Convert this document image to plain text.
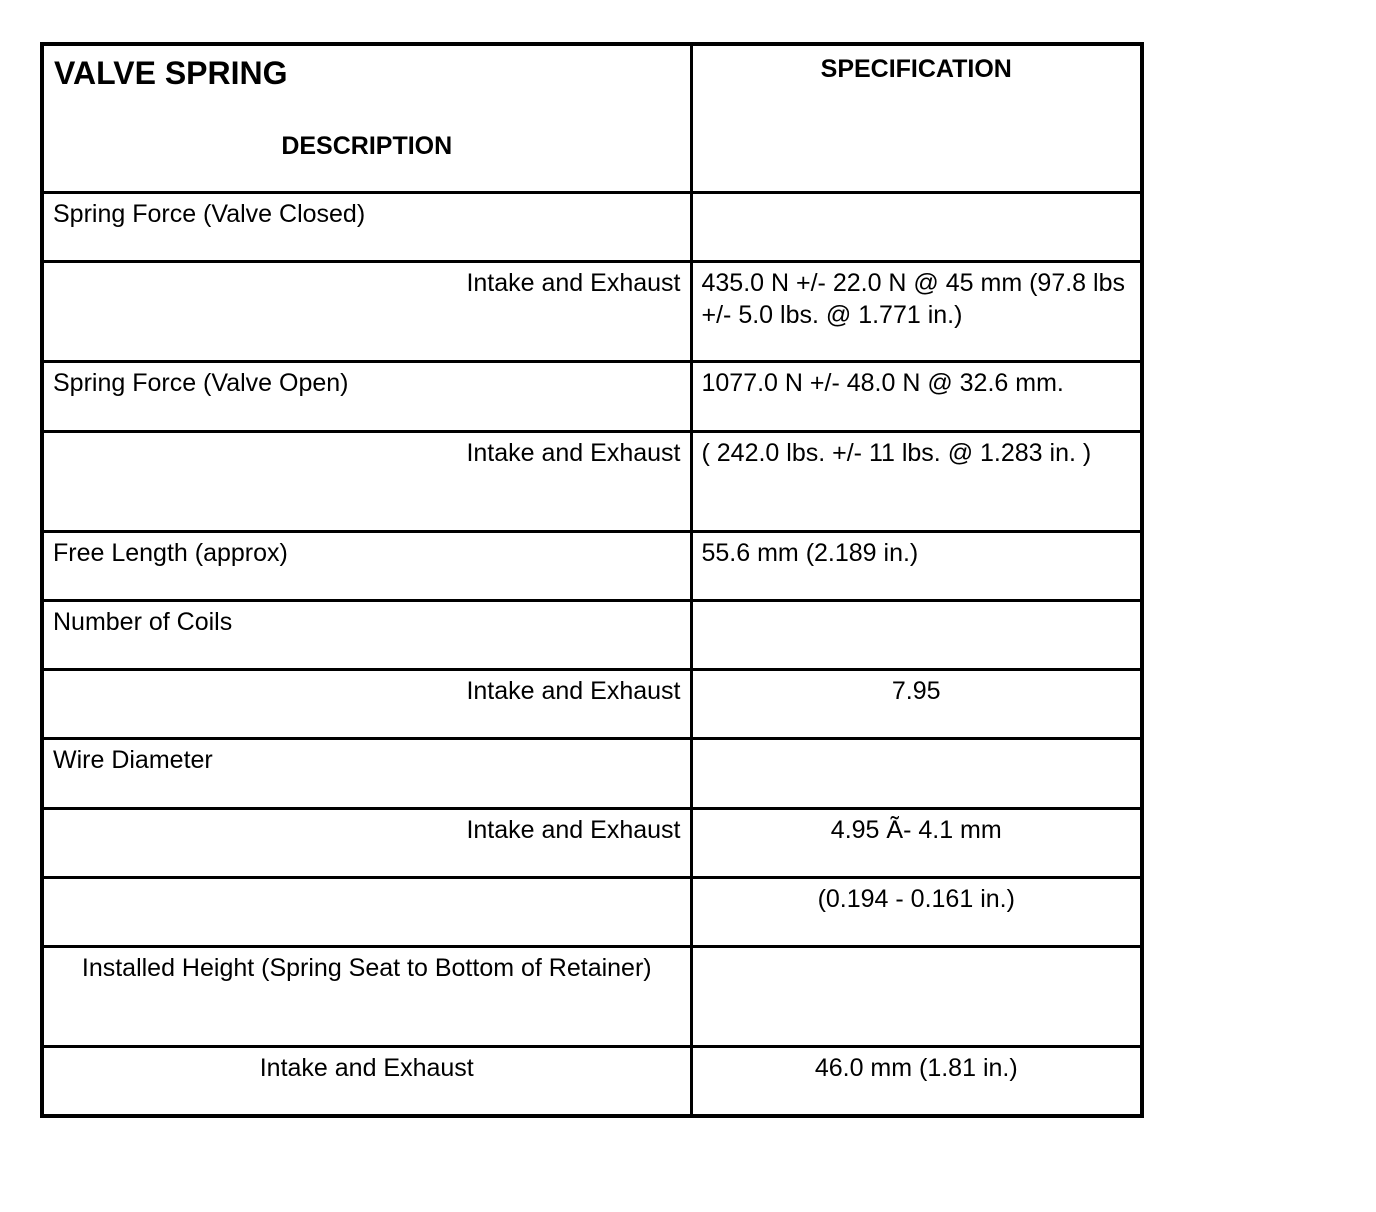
VALVE SPRING
DESCRIPTION	SPECIFICATION
Spring Force (Valve Closed)	
Intake and Exhaust	435.0 N +/- 22.0 N @ 45 mm (97.8 lbs +/- 5.0 lbs. @ 1.771 in.)
Spring Force (Valve Open)	1077.0 N +/- 48.0 N @ 32.6 mm.
Intake and Exhaust	( 242.0 lbs. +/- 11 lbs. @ 1.283 in. )
Free Length (approx)	55.6 mm (2.189 in.)
Number of Coils	
Intake and Exhaust	7.95
Wire Diameter	
Intake and Exhaust	4.95 Ã- 4.1 mm
	(0.194 - 0.161 in.)
Installed Height (Spring Seat to Bottom of Retainer)	
Intake and Exhaust	46.0 mm (1.81 in.)
